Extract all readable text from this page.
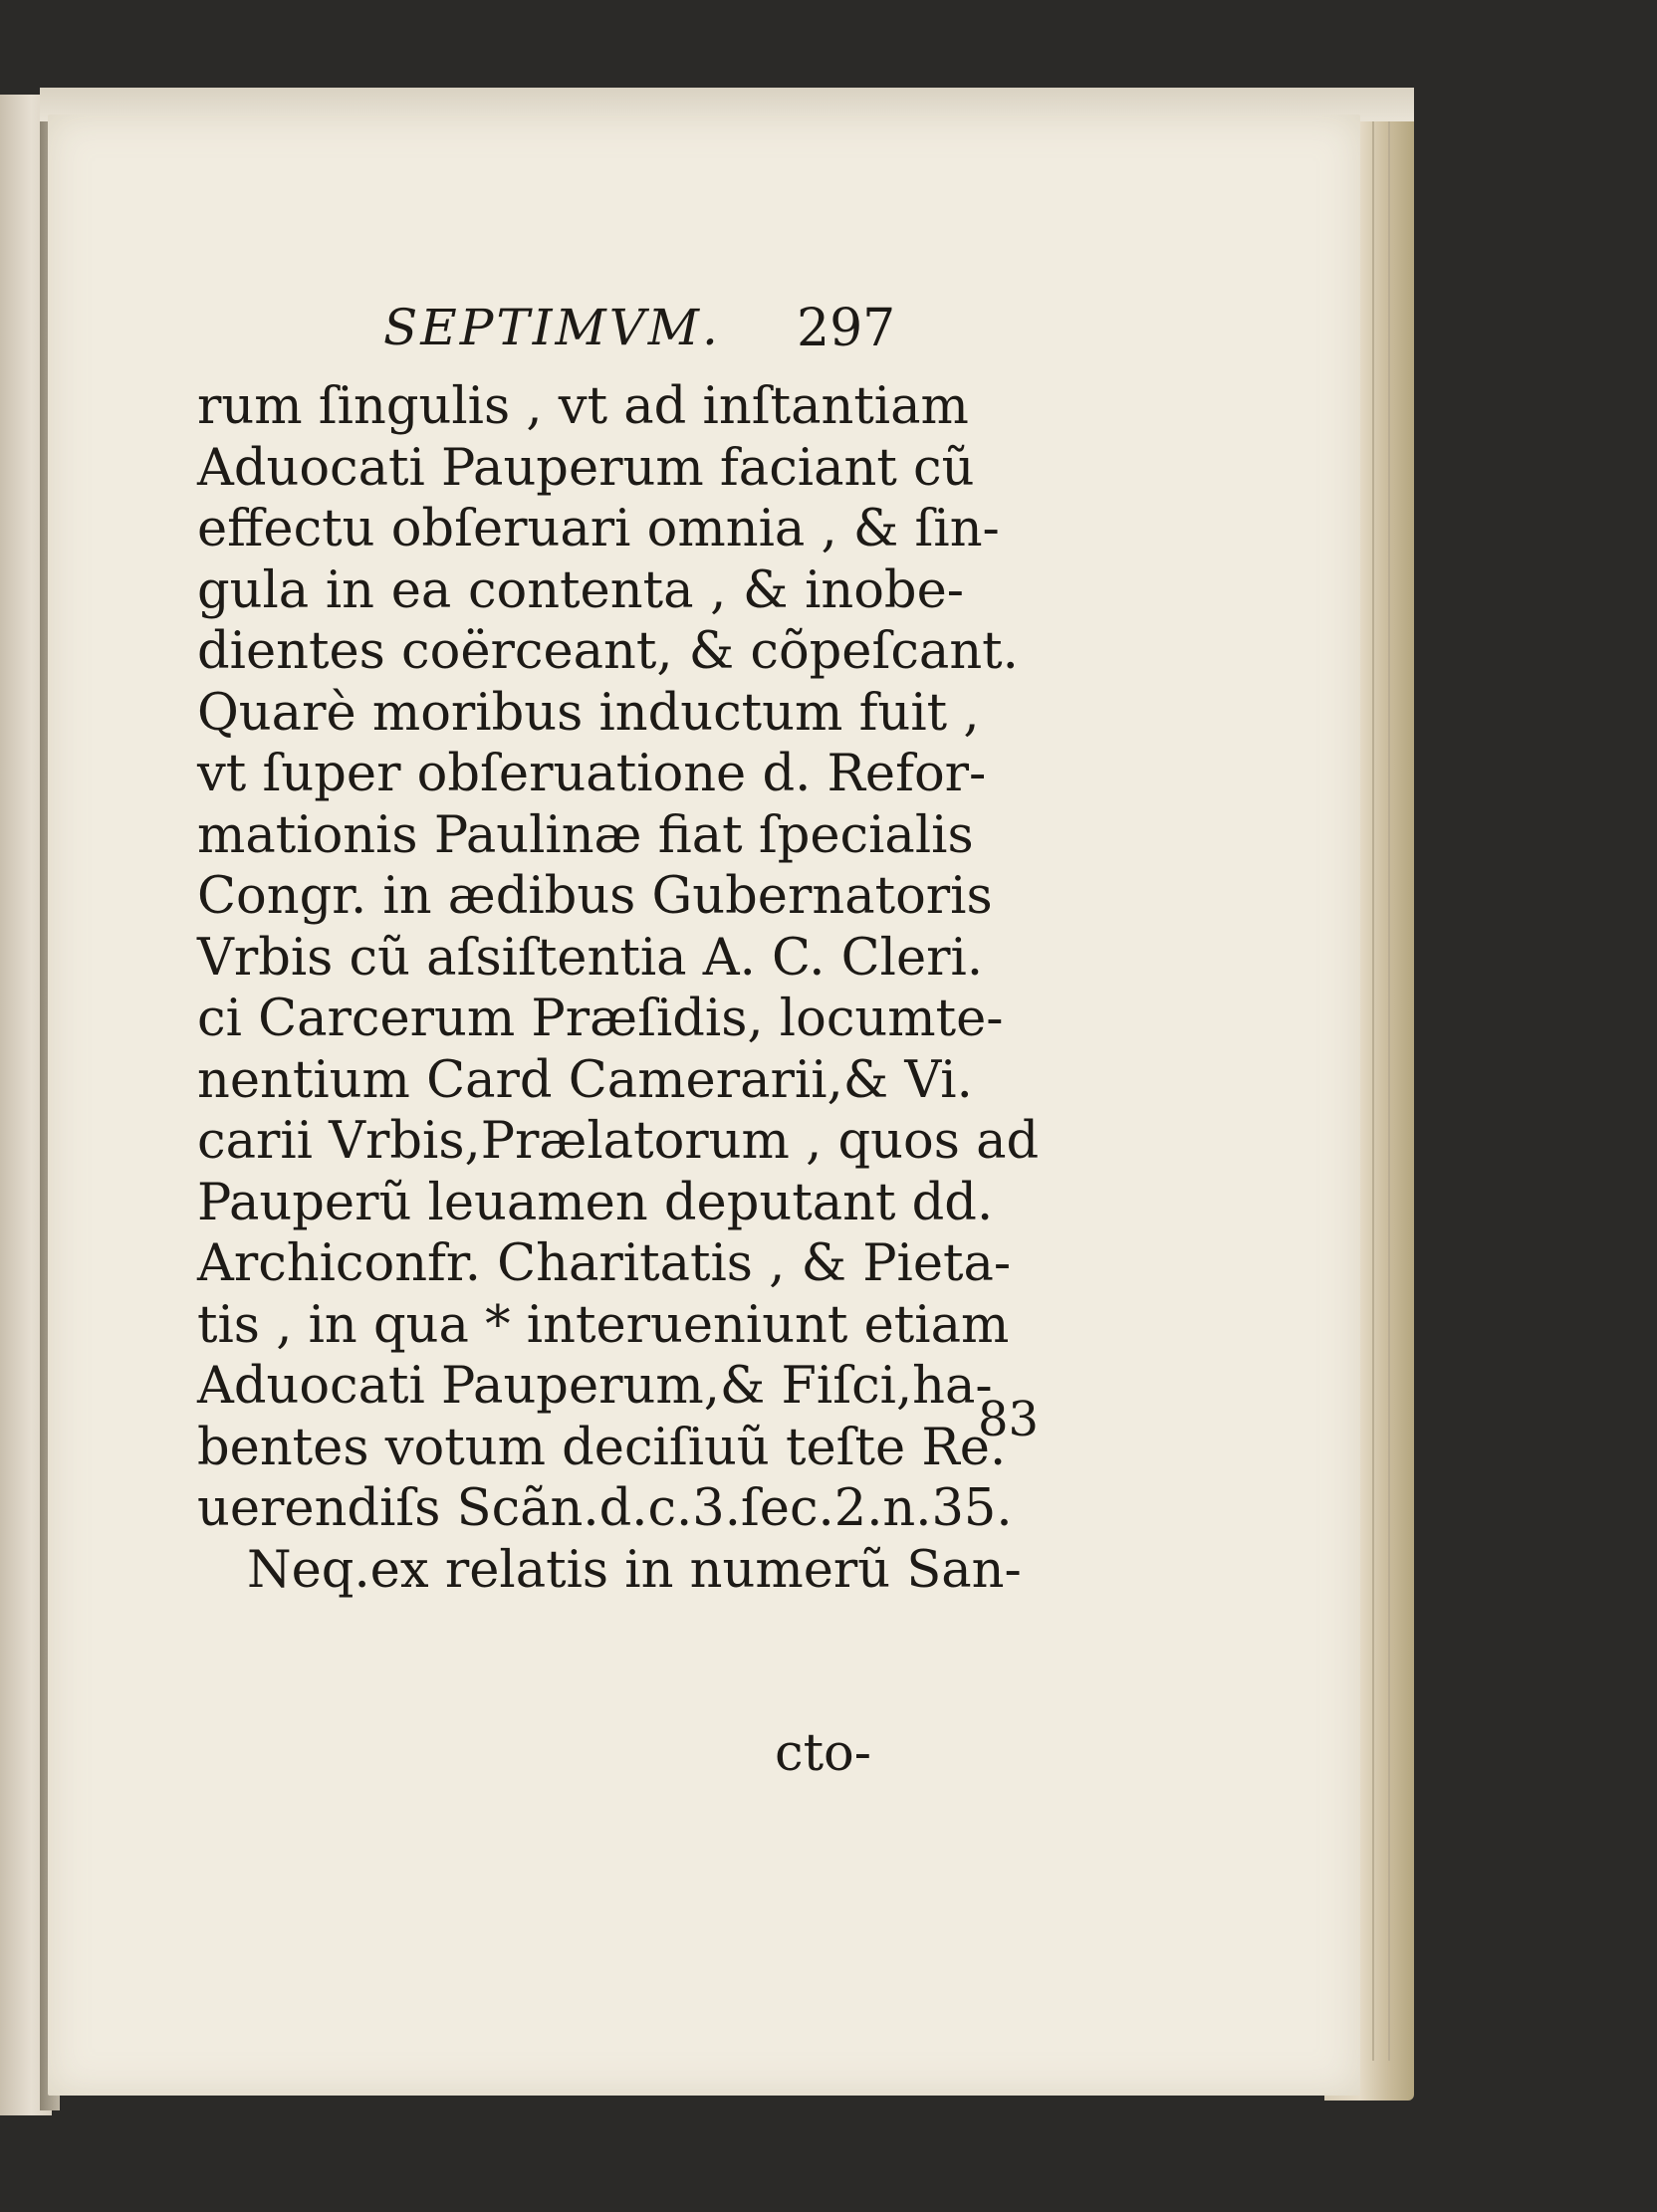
SEPTIMVM. 297
rum ſingulis , vt ad inſtantiam
Aduocati Pauperum faciant cũ
effectu obſeruari omnia , & ſin-
gula in ea contenta , & inobe-
dientes coërceant, & cõpeſcant.
Quarè moribus inductum fuit ,
vt ſuper obſeruatione d. Refor-
mationis Paulinæ fiat ſpecialis
Congr. in ædibus Gubernatoris
Vrbis cũ aſsiſtentia A. C. Cleri.
ci Carcerum Præſidis, locumte-
nentium Card Camerarii,& Vi.
carii Vrbis,Prælatorum , quos ad
Pauperũ leuamen deputant dd.
Archiconfr. Charitatis , & Pieta-
tis , in qua * interueniunt etiam
Aduocati Pauperum,& Fiſci,ha-
bentes votum deciſiuũ teſte Re.
uerendiſs Scãn.d.c.3.ſec.2.n.35.
Neq.ex relatis in numerũ San-
83
cto-
